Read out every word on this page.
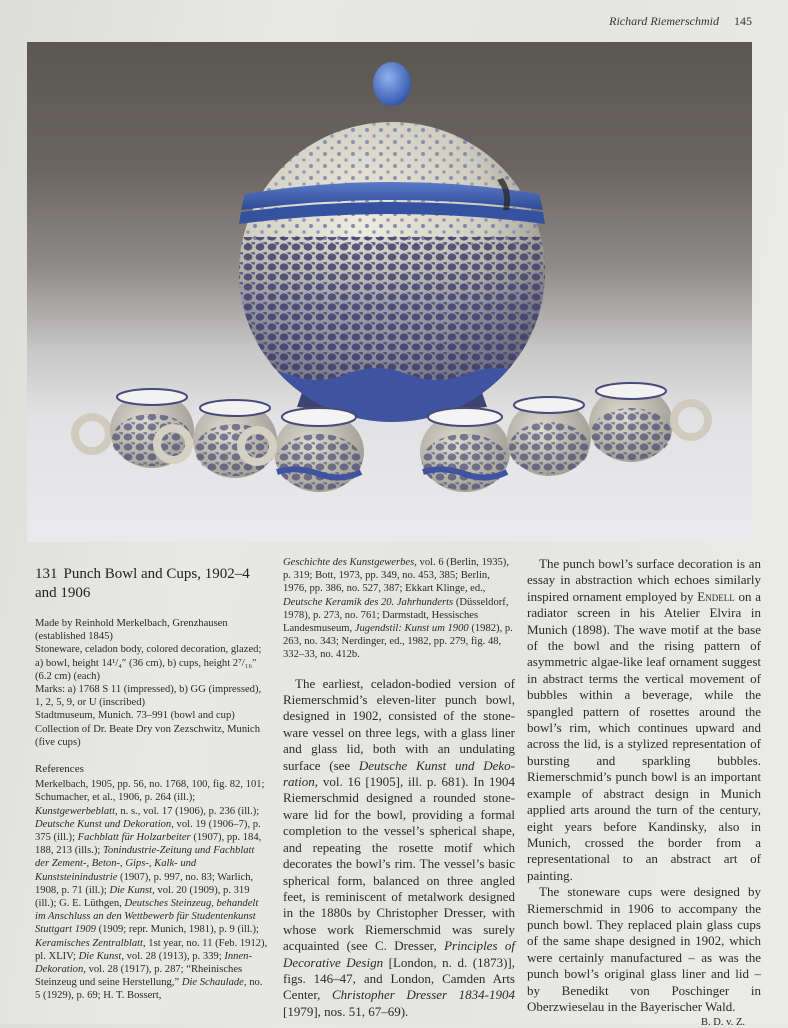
Richard Riemerschmid 145
131 Punch Bowl and Cups, 1902–4 and 1906

Made by Reinhold Merkelbach, Grenzhausen (established 1845)

Stoneware, celadon body, colored decoration, glazed; a) bowl, height 14¹/₄″ (36 cm), b) cups, height 2⁷/₁₆″ (6.2 cm) (each)

Marks: a) 1768 S 11 (impressed), b) GG (impressed), 1, 2, 5, 9, or U (inscribed)

Stadtmuseum, Munich. 73–991 (bowl and cup)

Collection of Dr. Beate Dry von Zezschwitz, Munich (five cups)

References

Merkelbach, 1905, pp. 56, no. 1768, 100, fig. 82, 101; Schumacher, et al., 1906, p. 264 (ill.); Kunstgewerbeblatt, n. s., vol. 17 (1906), p. 236 (ill.); Deutsche Kunst und Dekoration, vol. 19 (1906–7), p. 375 (ill.); Fachblatt für Holzarbeiter (1907), pp. 184, 188, 213 (ills.); Tonindustrie-Zeitung und Fachblatt der Zement-, Beton-, Gips-, Kalk- und Kunststeinindustrie (1907), p. 997, no. 83; Warlich, 1908, p. 71 (ill.); Die Kunst, vol. 20 (1909), p. 319 (ill.); G. E. Lüthgen, Deutsches Steinzeug, behandelt im Anschluss an den Wettbewerb für Studentenkunst Stuttgart 1909 (1909; repr. Munich, 1981), p. 9 (ill.); Keramisches Zentralblatt, 1st year, no. 11 (Feb. 1912), pl. XLIV; Die Kunst, vol. 28 (1913), p. 339; Innen-Dekoration, vol. 28 (1917), p. 287; “Rheinisches Steinzeug und seine Herstellung,” Die Schaulade, no. 5 (1929), p. 69; H. T. Bossert,

Geschichte des Kunstgewerbes, vol. 6 (Berlin, 1935), p. 319; Bott, 1973, pp. 349, no. 453, 385; Berlin, 1976, pp. 386, no. 527, 387; Ekkart Klinge, ed., Deutsche Keramik des 20. Jahrhunderts (Düsseldorf, 1978), p. 273, no. 761; Darmstadt, Hessisches Landesmuseum, Jugendstil: Kunst um 1900 (1982), p. 263, no. 343; Nerdinger, ed., 1982, pp. 279, fig. 48, 332–33, no. 412b.

The earliest, celadon-bodied version of Riemerschmid’s eleven-liter punch bowl, designed in 1902, consisted of the stoneware vessel on three legs, with a glass liner and glass lid, both with an undulating surface (see Deutsche Kunst und Dekoration, vol. 16 [1905], ill. p. 681). In 1904 Riemerschmid designed a rounded stoneware lid for the bowl, providing a formal completion to the vessel’s spherical shape, and repeating the rosette motif which decorates the bowl’s rim. The vessel’s basic spherical form, balanced on three angled feet, is reminiscent of metalwork designed in the 1880s by Christopher Dresser, with whose work Riemerschmid was surely acquainted (see C. Dresser, Principles of Decorative Design [London, n. d. (1873)], figs. 146–47, and London, Camden Arts Center, Christopher Dresser 1834-1904 [1979], nos. 51, 67–69).

The punch bowl’s surface decoration is an essay in abstraction which echoes similarly inspired ornament employed by Endell on a radiator screen in his Atelier Elvira in Munich (1898). The wave motif at the base of the bowl and the rising pattern of asymmetric algae-like leaf ornament suggest in abstract terms the vertical movement of bubbles within a beverage, while the spangled pattern of rosettes around the bowl’s rim, which continues upward and across the lid, is a stylized representation of bursting and sparkling bubbles. Riemerschmid’s punch bowl is an important example of abstract design in Munich applied arts around the turn of the century, eight years before Kandinsky, also in Munich, crossed the border from a representational to an abstract art of painting.

The stoneware cups were designed by Riemerschmid in 1906 to accompany the punch bowl. They replaced plain glass cups of the same shape designed in 1902, which were certainly manufactured – as was the punch bowl’s original glass liner and lid – by Benedikt von Poschinger in Oberzwieselau in the Bayerischer Wald.

B. D. v. Z.
